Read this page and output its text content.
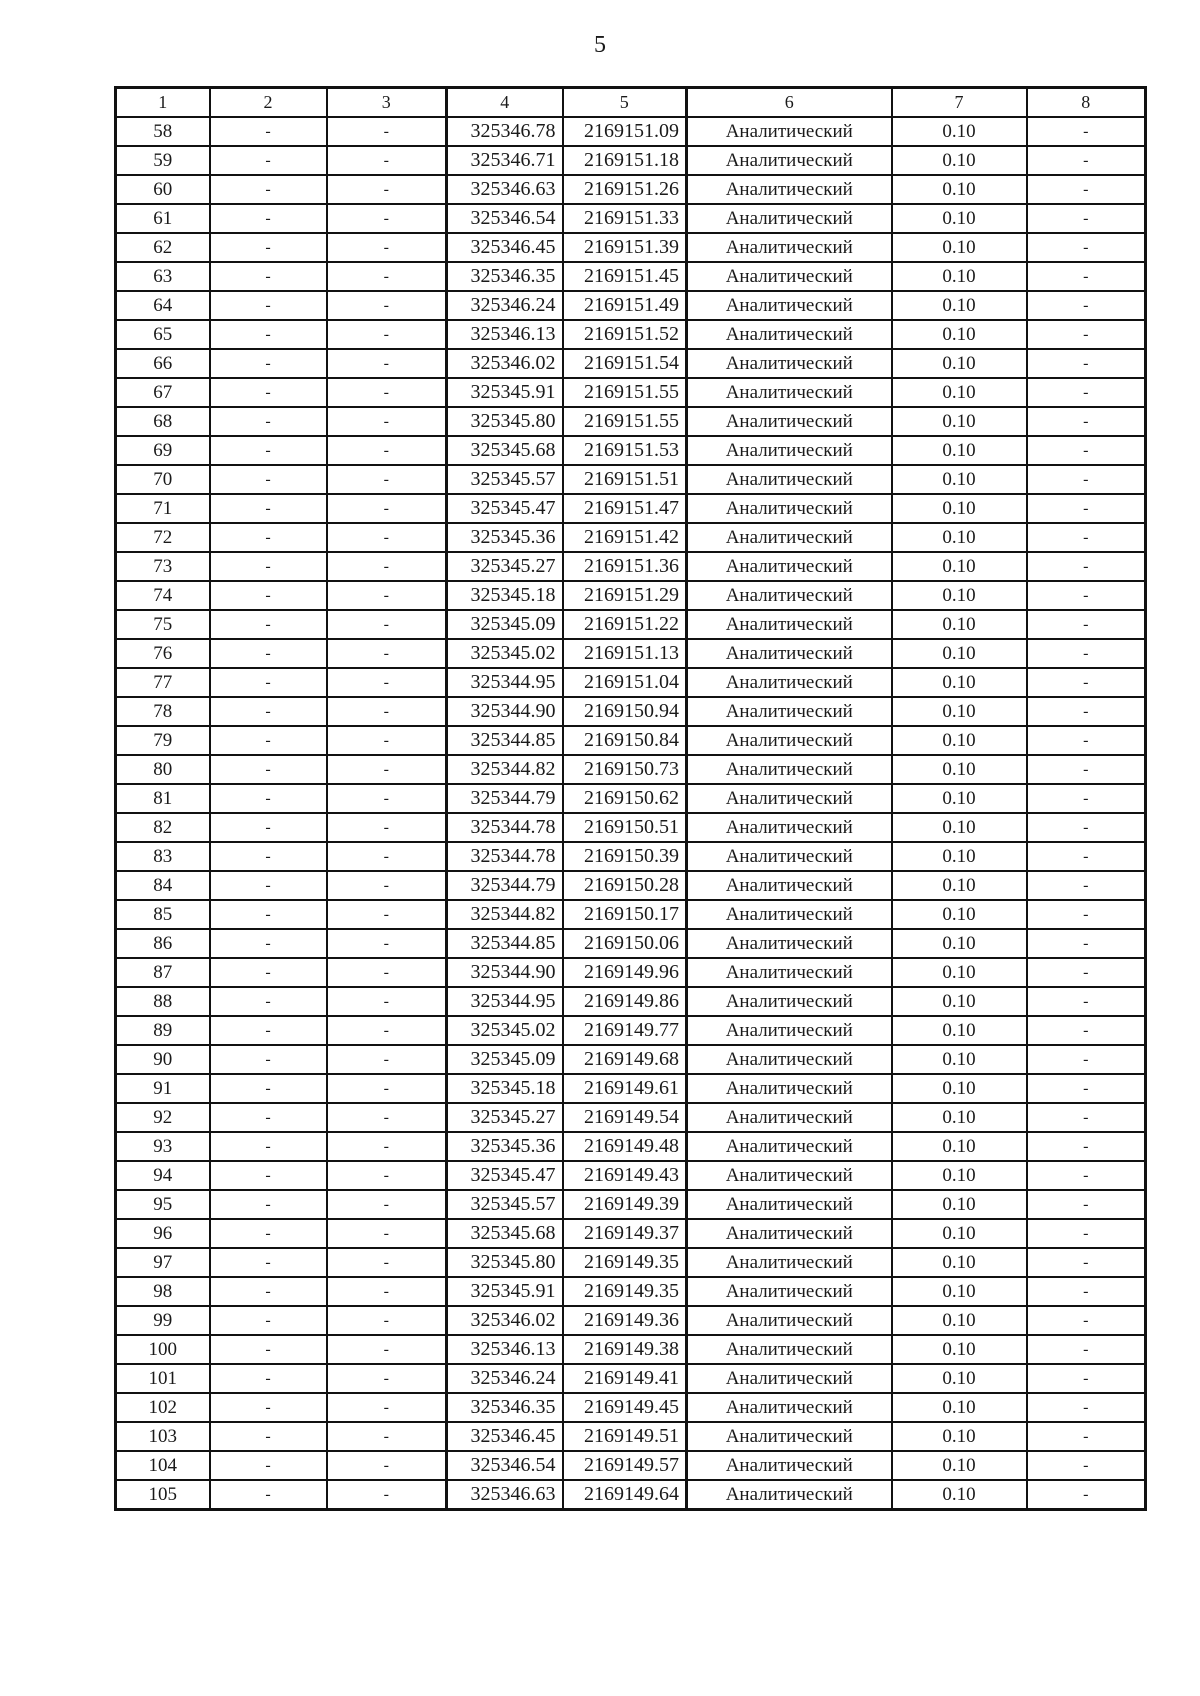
5
1	2	3	4	5	6	7	8
58	-	-	325346.78	2169151.09	Аналитический	0.10	-
59	-	-	325346.71	2169151.18	Аналитический	0.10	-
60	-	-	325346.63	2169151.26	Аналитический	0.10	-
61	-	-	325346.54	2169151.33	Аналитический	0.10	-
62	-	-	325346.45	2169151.39	Аналитический	0.10	-
63	-	-	325346.35	2169151.45	Аналитический	0.10	-
64	-	-	325346.24	2169151.49	Аналитический	0.10	-
65	-	-	325346.13	2169151.52	Аналитический	0.10	-
66	-	-	325346.02	2169151.54	Аналитический	0.10	-
67	-	-	325345.91	2169151.55	Аналитический	0.10	-
68	-	-	325345.80	2169151.55	Аналитический	0.10	-
69	-	-	325345.68	2169151.53	Аналитический	0.10	-
70	-	-	325345.57	2169151.51	Аналитический	0.10	-
71	-	-	325345.47	2169151.47	Аналитический	0.10	-
72	-	-	325345.36	2169151.42	Аналитический	0.10	-
73	-	-	325345.27	2169151.36	Аналитический	0.10	-
74	-	-	325345.18	2169151.29	Аналитический	0.10	-
75	-	-	325345.09	2169151.22	Аналитический	0.10	-
76	-	-	325345.02	2169151.13	Аналитический	0.10	-
77	-	-	325344.95	2169151.04	Аналитический	0.10	-
78	-	-	325344.90	2169150.94	Аналитический	0.10	-
79	-	-	325344.85	2169150.84	Аналитический	0.10	-
80	-	-	325344.82	2169150.73	Аналитический	0.10	-
81	-	-	325344.79	2169150.62	Аналитический	0.10	-
82	-	-	325344.78	2169150.51	Аналитический	0.10	-
83	-	-	325344.78	2169150.39	Аналитический	0.10	-
84	-	-	325344.79	2169150.28	Аналитический	0.10	-
85	-	-	325344.82	2169150.17	Аналитический	0.10	-
86	-	-	325344.85	2169150.06	Аналитический	0.10	-
87	-	-	325344.90	2169149.96	Аналитический	0.10	-
88	-	-	325344.95	2169149.86	Аналитический	0.10	-
89	-	-	325345.02	2169149.77	Аналитический	0.10	-
90	-	-	325345.09	2169149.68	Аналитический	0.10	-
91	-	-	325345.18	2169149.61	Аналитический	0.10	-
92	-	-	325345.27	2169149.54	Аналитический	0.10	-
93	-	-	325345.36	2169149.48	Аналитический	0.10	-
94	-	-	325345.47	2169149.43	Аналитический	0.10	-
95	-	-	325345.57	2169149.39	Аналитический	0.10	-
96	-	-	325345.68	2169149.37	Аналитический	0.10	-
97	-	-	325345.80	2169149.35	Аналитический	0.10	-
98	-	-	325345.91	2169149.35	Аналитический	0.10	-
99	-	-	325346.02	2169149.36	Аналитический	0.10	-
100	-	-	325346.13	2169149.38	Аналитический	0.10	-
101	-	-	325346.24	2169149.41	Аналитический	0.10	-
102	-	-	325346.35	2169149.45	Аналитический	0.10	-
103	-	-	325346.45	2169149.51	Аналитический	0.10	-
104	-	-	325346.54	2169149.57	Аналитический	0.10	-
105	-	-	325346.63	2169149.64	Аналитический	0.10	-
